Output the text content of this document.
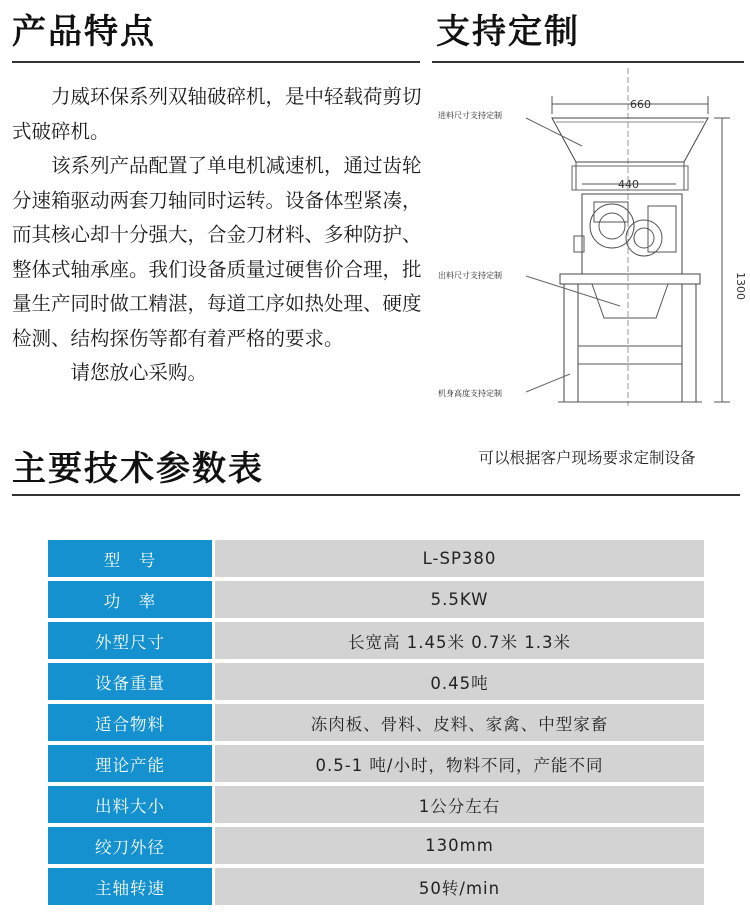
产品特点	支持定制

力威环保系列双轴破碎机，是中轻载荷剪切式破碎机。

该系列产品配置了单电机减速机，通过齿轮分速箱驱动两套刀轴同时运转。设备体型紧凑，而其核心却十分强大，合金刀材料、多种防护、整体式轴承座。我们设备质量过硬售价合理，批量生产同时做工精湛，每道工序如热处理、硬度检测、结构探伤等都有着严格的要求。

请您放心采购。

660
440
1300
进料尺寸支持定制
出料尺寸支持定制
机身高度支持定制
可以根据客户现场要求定制设备
主要技术参数表
型　号	L-SP380
功　率	5.5KW
外型尺寸	长宽高 1.45米 0.7米 1.3米
设备重量	0.45吨
适合物料	冻肉板、骨料、皮料、家禽、中型家畜
理论产能	0.5-1 吨/小时，物料不同，产能不同
出料大小	1公分左右
绞刀外径	130mm
主轴转速	50转/min
